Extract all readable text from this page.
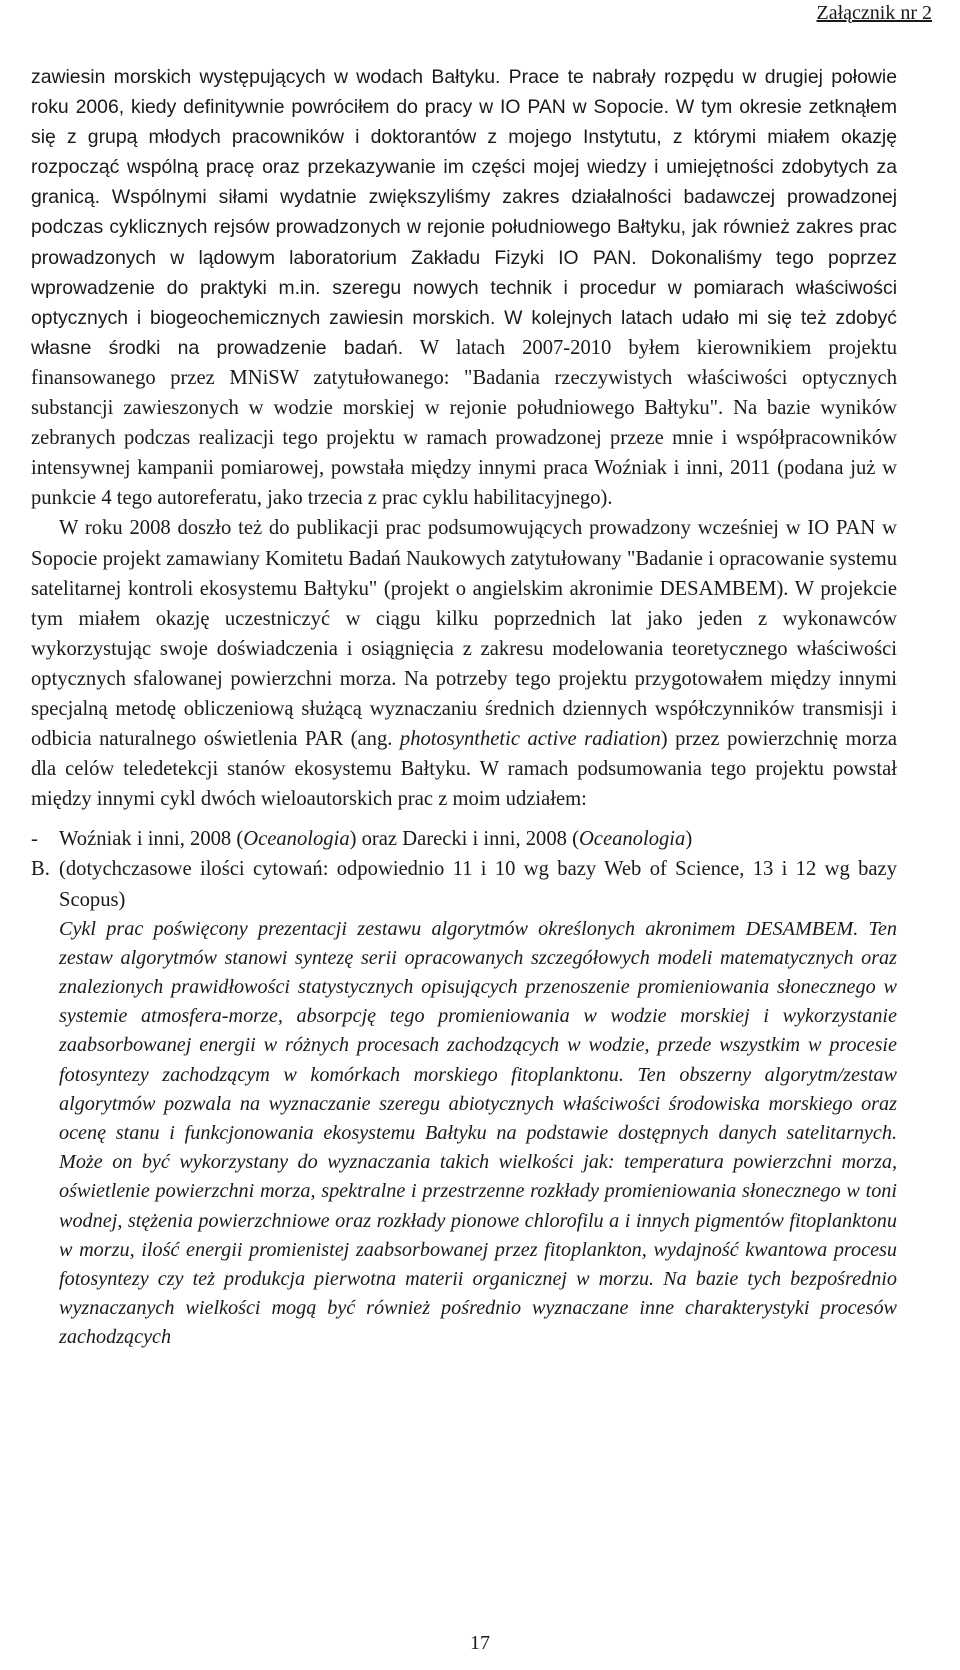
Załącznik nr 2

zawiesin morskich występujących w wodach Bałtyku. Prace te nabrały rozpędu w drugiej połowie roku 2006, kiedy definitywnie powróciłem do pracy w IO PAN w Sopocie. W tym okresie zetknąłem się z grupą młodych pracowników i doktorantów z mojego Instytutu, z którymi miałem okazję rozpocząć wspólną pracę oraz przekazywanie im części mojej wiedzy i umiejętności zdobytych za granicą. Wspólnymi siłami wydatnie zwiększyliśmy zakres działalności badawczej prowadzonej podczas cyklicznych rejsów prowadzonych w rejonie południowego Bałtyku, jak również zakres prac prowadzonych w lądowym laboratorium Zakładu Fizyki IO PAN. Dokonaliśmy tego poprzez wprowadzenie do praktyki m.in. szeregu nowych technik i procedur w pomiarach właściwości optycznych i biogeochemicznych zawiesin morskich. W kolejnych latach udało mi się też zdobyć własne środki na prowadzenie badań. W latach 2007-2010 byłem kierownikiem projektu finansowanego przez MNiSW zatytułowanego: "Badania rzeczywistych właściwości optycznych substancji zawieszonych w wodzie morskiej w rejonie południowego Bałtyku". Na bazie wyników zebranych podczas realizacji tego projektu w ramach prowadzonej przeze mnie i współpracowników intensywnej kampanii pomiarowej, powstała między innymi praca Woźniak i inni, 2011 (podana już w punkcie 4 tego autoreferatu, jako trzecia z prac cyklu habilitacyjnego).

W roku 2008 doszło też do publikacji prac podsumowujących prowadzony wcześniej w IO PAN w Sopocie projekt zamawiany Komitetu Badań Naukowych zatytułowany "Badanie i opracowanie systemu satelitarnej kontroli ekosystemu Bałtyku" (projekt o angielskim akronimie DESAMBEM). W projekcie tym miałem okazję uczestniczyć w ciągu kilku poprzednich lat jako jeden z wykonawców wykorzystując swoje doświadczenia i osiągnięcia z zakresu modelowania teoretycznego właściwości optycznych sfalowanej powierzchni morza. Na potrzeby tego projektu przygotowałem między innymi specjalną metodę obliczeniową służącą wyznaczaniu średnich dziennych współczynników transmisji i odbicia naturalnego oświetlenia PAR (ang. photosynthetic active radiation) przez powierzchnię morza dla celów teledetekcji stanów ekosystemu Bałtyku. W ramach podsumowania tego projektu powstał między innymi cykl dwóch wieloautorskich prac z moim udziałem:

- B.

Woźniak i inni, 2008 (Oceanologia) oraz Darecki i inni, 2008 (Oceanologia)

(dotychczasowe ilości cytowań: odpowiednio 11 i 10 wg bazy Web of Science, 13 i 12 wg bazy Scopus)

Cykl prac poświęcony prezentacji zestawu algorytmów określonych akronimem DESAMBEM. Ten zestaw algorytmów stanowi syntezę serii opracowanych szczegółowych modeli matematycznych oraz znalezionych prawidłowości statystycznych opisujących przenoszenie promieniowania słonecznego w systemie atmosfera-morze, absorpcję tego promieniowania w wodzie morskiej i wykorzystanie zaabsorbowanej energii w różnych procesach zachodzących w wodzie, przede wszystkim w procesie fotosyntezy zachodzącym w komórkach morskiego fitoplanktonu. Ten obszerny algorytm/zestaw algorytmów pozwala na wyznaczanie szeregu abiotycznych właściwości środowiska morskiego oraz ocenę stanu i funkcjonowania ekosystemu Bałtyku na podstawie dostępnych danych satelitarnych. Może on być wykorzystany do wyznaczania takich wielkości jak: temperatura powierzchni morza, oświetlenie powierzchni morza, spektralne i przestrzenne rozkłady promieniowania słonecznego w toni wodnej, stężenia powierzchniowe oraz rozkłady pionowe chlorofilu a i innych pigmentów fitoplanktonu w morzu, ilość energii promienistej zaabsorbowanej przez fitoplankton, wydajność kwantowa procesu fotosyntezy czy też produkcja pierwotna materii organicznej w morzu. Na bazie tych bezpośrednio wyznaczanych wielkości mogą być również pośrednio wyznaczane inne charakterystyki procesów zachodzących

17
